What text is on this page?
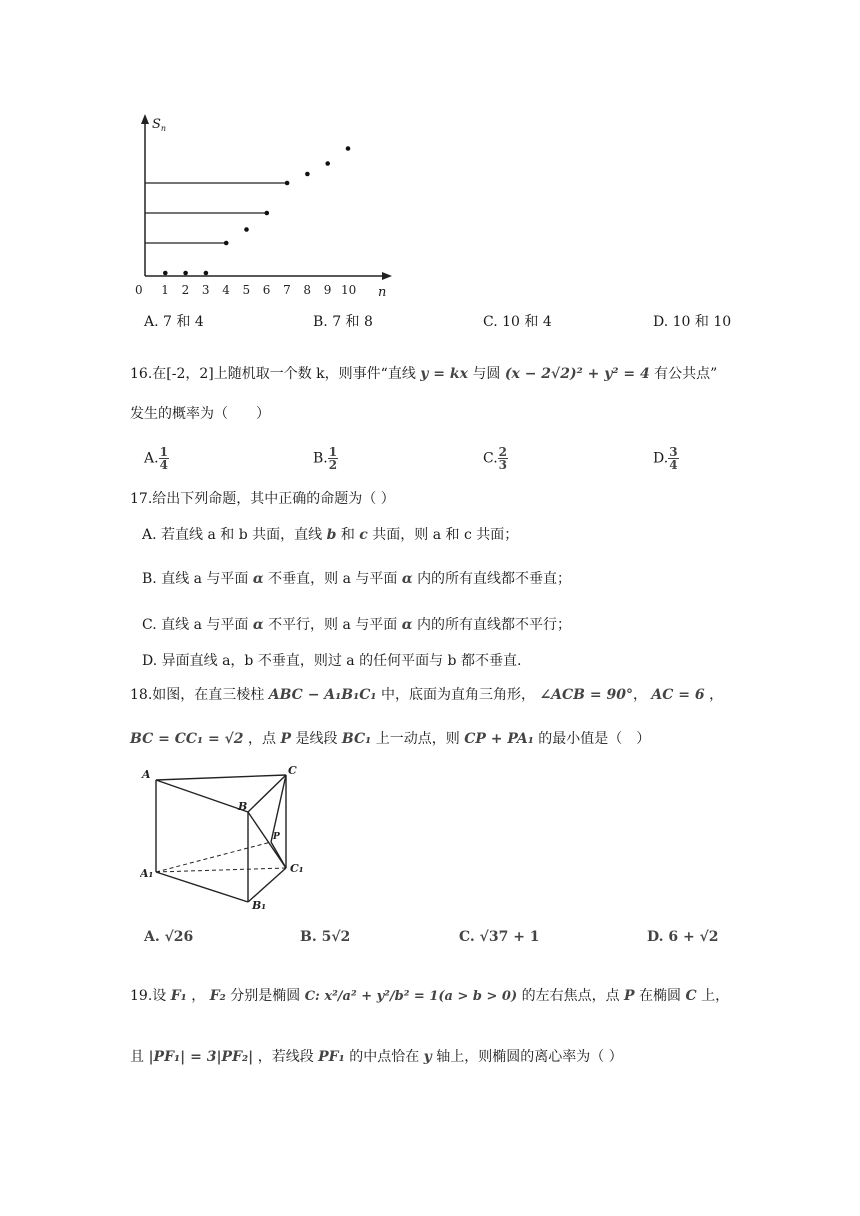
$S_n$
n
0 1 2 3 4 5 6 7 8 9 10
A. 7 和 4	B. 7 和 8	C. 10 和 4	D. 10 和 10
16.在[-2，2]上随机取一个数 k，则事件“直线 y = kx 与圆 (x − 2√2)² + y² = 4 有公共点”
发生的概率为（　　）
A. $\frac{1}{4}$	B. $\frac{1}{2}$	C. $\frac{2}{3}$	D. $\frac{3}{4}$
17.给出下列命题，其中正确的命题为（ ）
A. 若直线 a 和 b 共面，直线 b 和 c 共面，则 a 和 c 共面；
B. 直线 a 与平面 α 不垂直，则 a 与平面 α 内的所有直线都不垂直；
C. 直线 a 与平面 α 不平行，则 a 与平面 α 内的所有直线都不平行；
D. 异面直线 a，b 不垂直，则过 a 的任何平面与 b 都不垂直.
18.如图，在直三棱柱 ABC − A₁B₁C₁ 中，底面为直角三角形， ∠ACB = 90°， AC = 6 ，
BC = CC₁ = √2 ，点 P 是线段 BC₁ 上一动点，则 CP + PA₁ 的最小值是（　）
A
B
C
P
A₁
B₁
C₁
A. √26	B. 5√2	C. √37 + 1	D. 6 + √2
19.设 F₁ ， F₂ 分别是椭圆 C: x²/a² + y²/b² = 1(a > b > 0) 的左右焦点，点 P 在椭圆 C 上，
且 |PF₁| = 3|PF₂| ，若线段 PF₁ 的中点恰在 y 轴上，则椭圆的离心率为（ ）
